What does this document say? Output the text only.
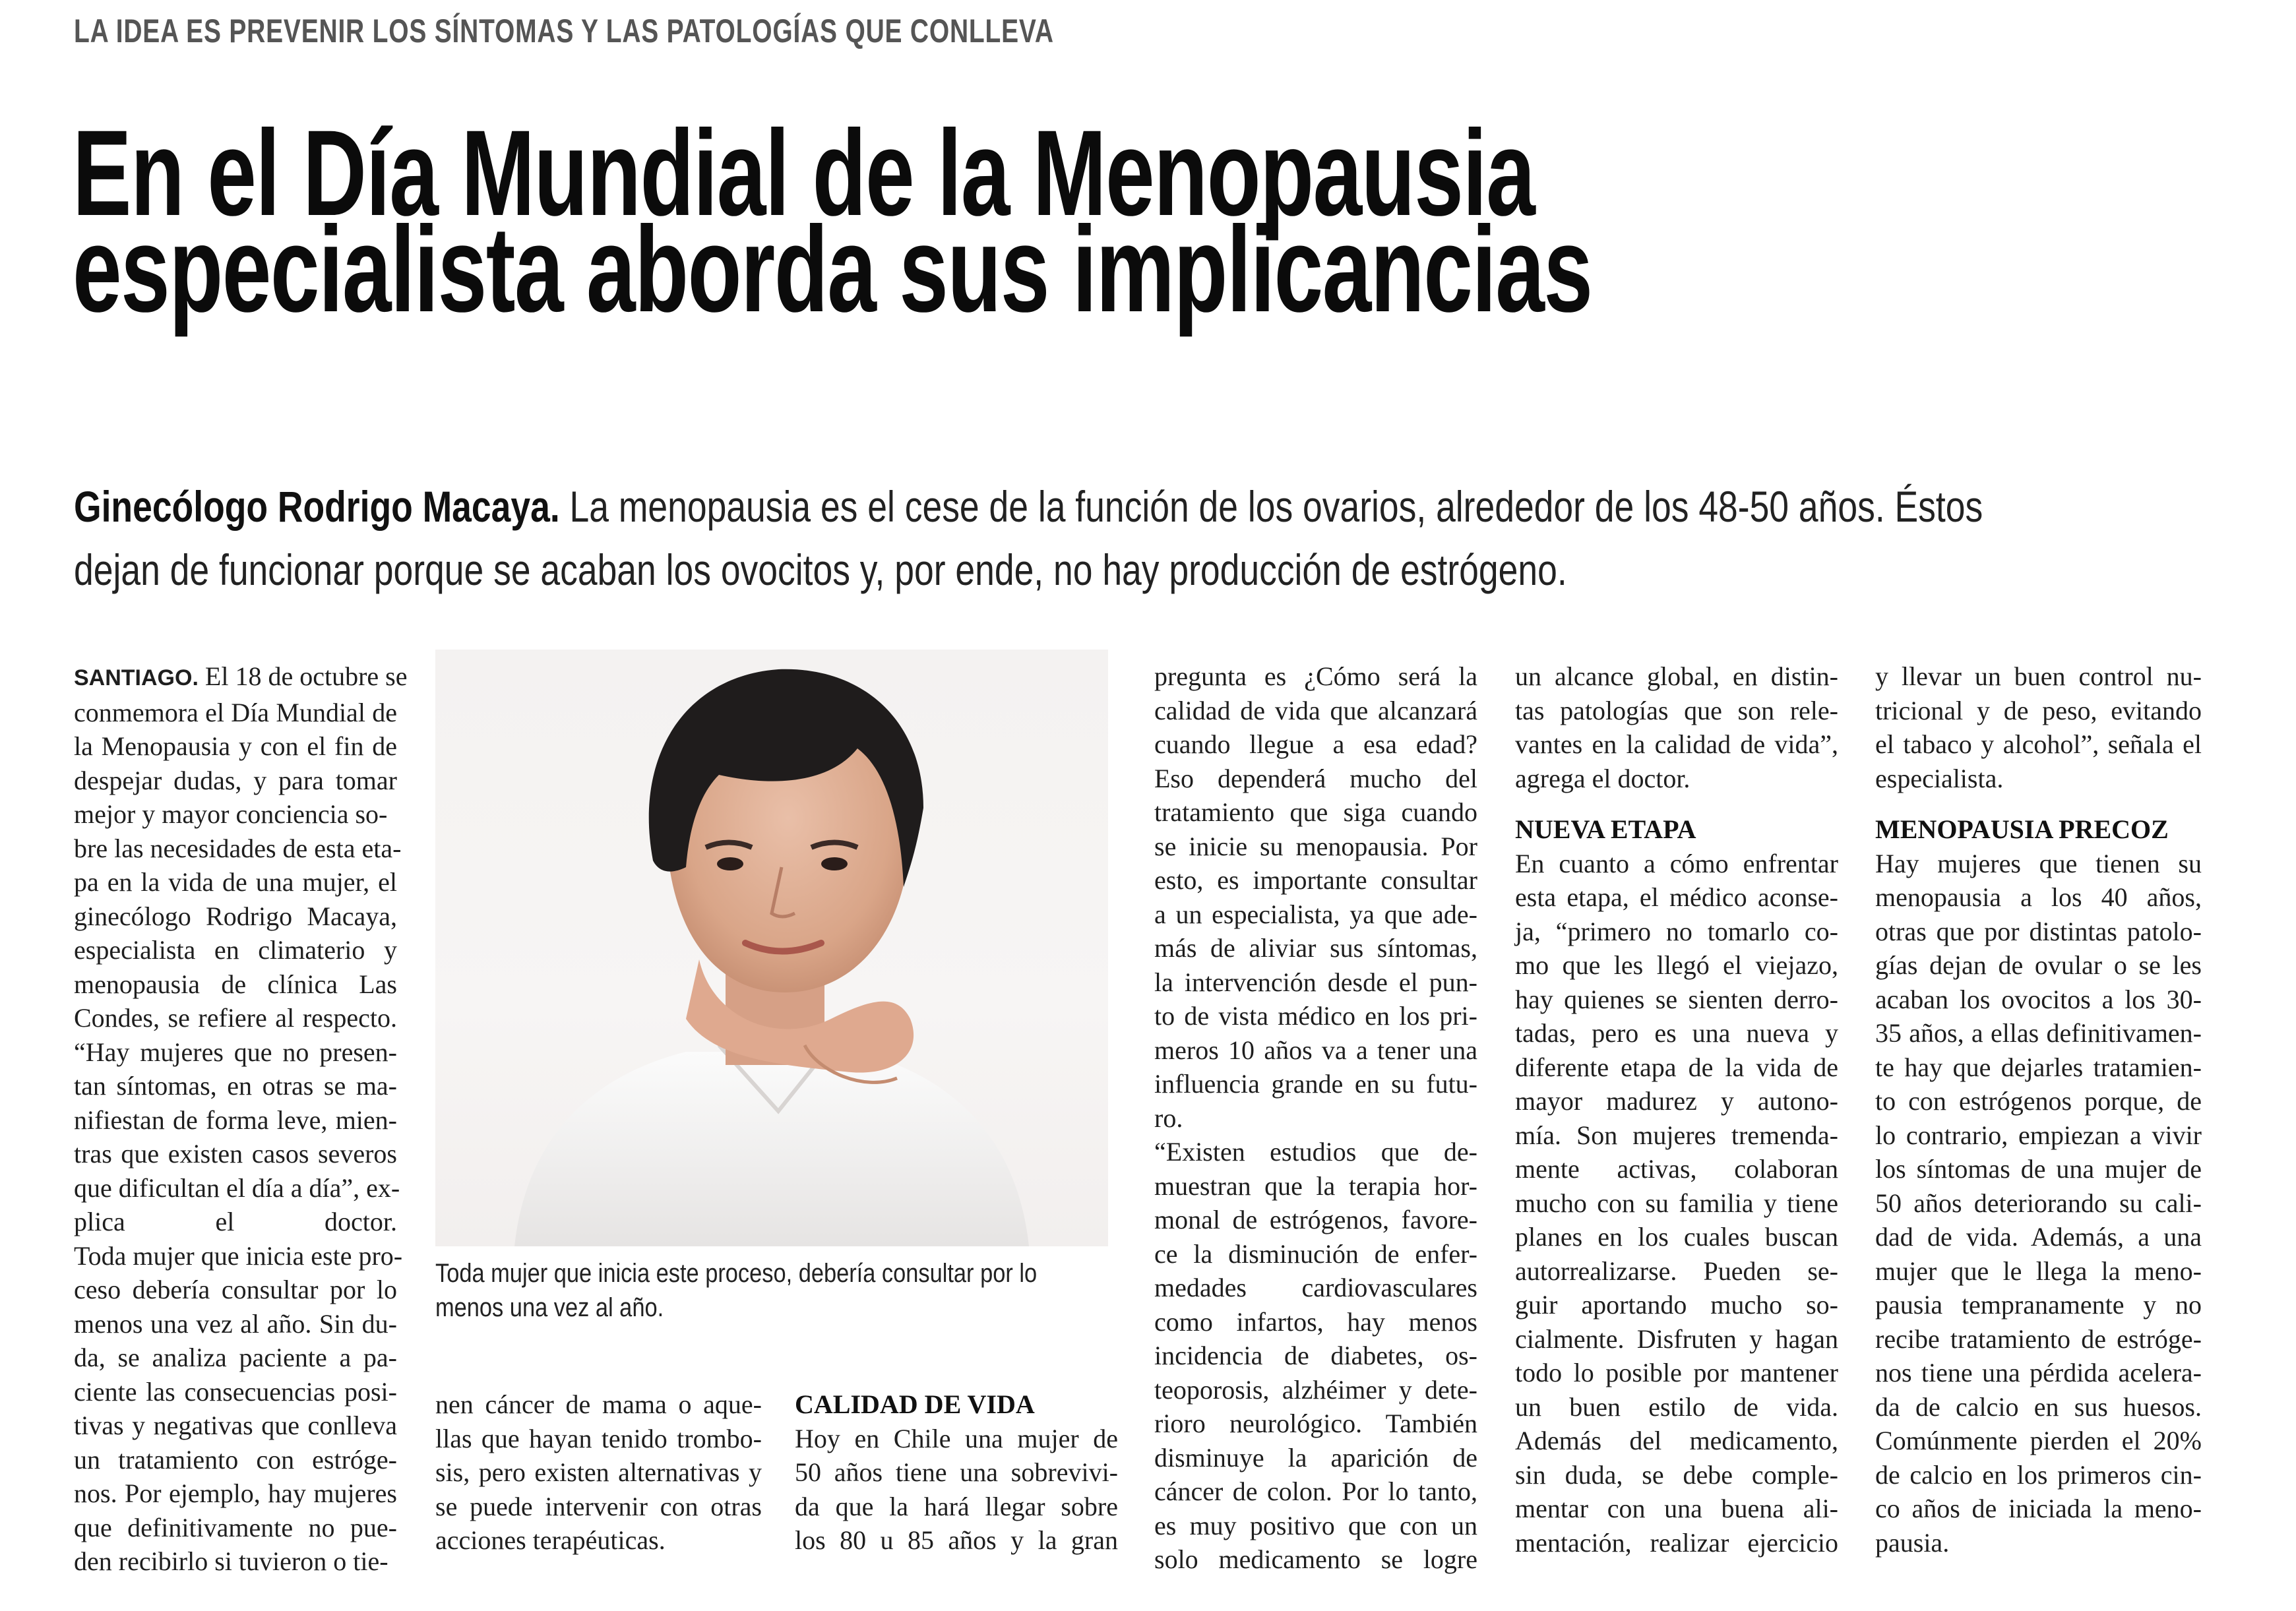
LA IDEA ES PREVENIR LOS SÍNTOMAS Y LAS PATOLOGÍAS QUE CONLLEVA
En el Día Mundial de la Menopausia
especialista aborda sus implicancias
Ginecólogo Rodrigo Macaya. La menopausia es el cese de la función de los ovarios, alrededor de los 48-50 años. Éstos
dejan de funcionar porque se acaban los ovocitos y, por ende, no hay producción de estrógeno.
SANTIAGO. El 18 de octubre se
conmemora el Día Mundial de
la Menopausia y con el fin de
despejar dudas, y para tomar
mejor y mayor conciencia so-
bre las necesidades de esta eta-
pa en la vida de una mujer, el
ginecólogo Rodrigo Macaya,
especialista en climaterio y
menopausia de clínica Las
Condes, se refiere al respecto.
“Hay mujeres que no presen-
tan síntomas, en otras se ma-
nifiestan de forma leve, mien-
tras que existen casos severos
que dificultan el día a día”, ex-
plica el doctor.
Toda mujer que inicia este pro-
ceso debería consultar por lo
menos una vez al año. Sin du-
da, se analiza paciente a pa-
ciente las consecuencias posi-
tivas y negativas que conlleva
un tratamiento con estróge-
nos. Por ejemplo, hay mujeres
que definitivamente no pue-
den recibirlo si tuvieron o tie-
Toda mujer que inicia este proceso, debería consultar por lo
menos una vez al año.
nen cáncer de mama o aque-
llas que hayan tenido trombo-
sis, pero existen alternativas y
se puede intervenir con otras
acciones terapéuticas.
CALIDAD DE VIDA
Hoy en Chile una mujer de
50 años tiene una sobrevivi-
da que la hará llegar sobre
los 80 u 85 años y la gran
pregunta es ¿Cómo será la
calidad de vida que alcanzará
cuando llegue a esa edad?
Eso dependerá mucho del
tratamiento que siga cuando
se inicie su menopausia. Por
esto, es importante consultar
a un especialista, ya que ade-
más de aliviar sus síntomas,
la intervención desde el pun-
to de vista médico en los pri-
meros 10 años va a tener una
influencia grande en su futu-
ro.
“Existen estudios que de-
muestran que la terapia hor-
monal de estrógenos, favore-
ce la disminución de enfer-
medades cardiovasculares
como infartos, hay menos
incidencia de diabetes, os-
teoporosis, alzhéimer y dete-
rioro neurológico. También
disminuye la aparición de
cáncer de colon. Por lo tanto,
es muy positivo que con un
solo medicamento se logre
un alcance global, en distin-
tas patologías que son rele-
vantes en la calidad de vida”,
agrega el doctor.
NUEVA ETAPA
En cuanto a cómo enfrentar
esta etapa, el médico aconse-
ja, “primero no tomarlo co-
mo que les llegó el viejazo,
hay quienes se sienten derro-
tadas, pero es una nueva y
diferente etapa de la vida de
mayor madurez y autono-
mía. Son mujeres tremenda-
mente activas, colaboran
mucho con su familia y tiene
planes en los cuales buscan
autorrealizarse. Pueden se-
guir aportando mucho so-
cialmente. Disfruten y hagan
todo lo posible por mantener
un buen estilo de vida.
Además del medicamento,
sin duda, se debe comple-
mentar con una buena ali-
mentación, realizar ejercicio
y llevar un buen control nu-
tricional y de peso, evitando
el tabaco y alcohol”, señala el
especialista.
MENOPAUSIA PRECOZ
Hay mujeres que tienen su
menopausia a los 40 años,
otras que por distintas patolo-
gías dejan de ovular o se les
acaban los ovocitos a los 30-
35 años, a ellas definitivamen-
te hay que dejarles tratamien-
to con estrógenos porque, de
lo contrario, empiezan a vivir
los síntomas de una mujer de
50 años deteriorando su cali-
dad de vida. Además, a una
mujer que le llega la meno-
pausia tempranamente y no
recibe tratamiento de estróge-
nos tiene una pérdida acelera-
da de calcio en sus huesos.
Comúnmente pierden el 20%
de calcio en los primeros cin-
co años de iniciada la meno-
pausia.
